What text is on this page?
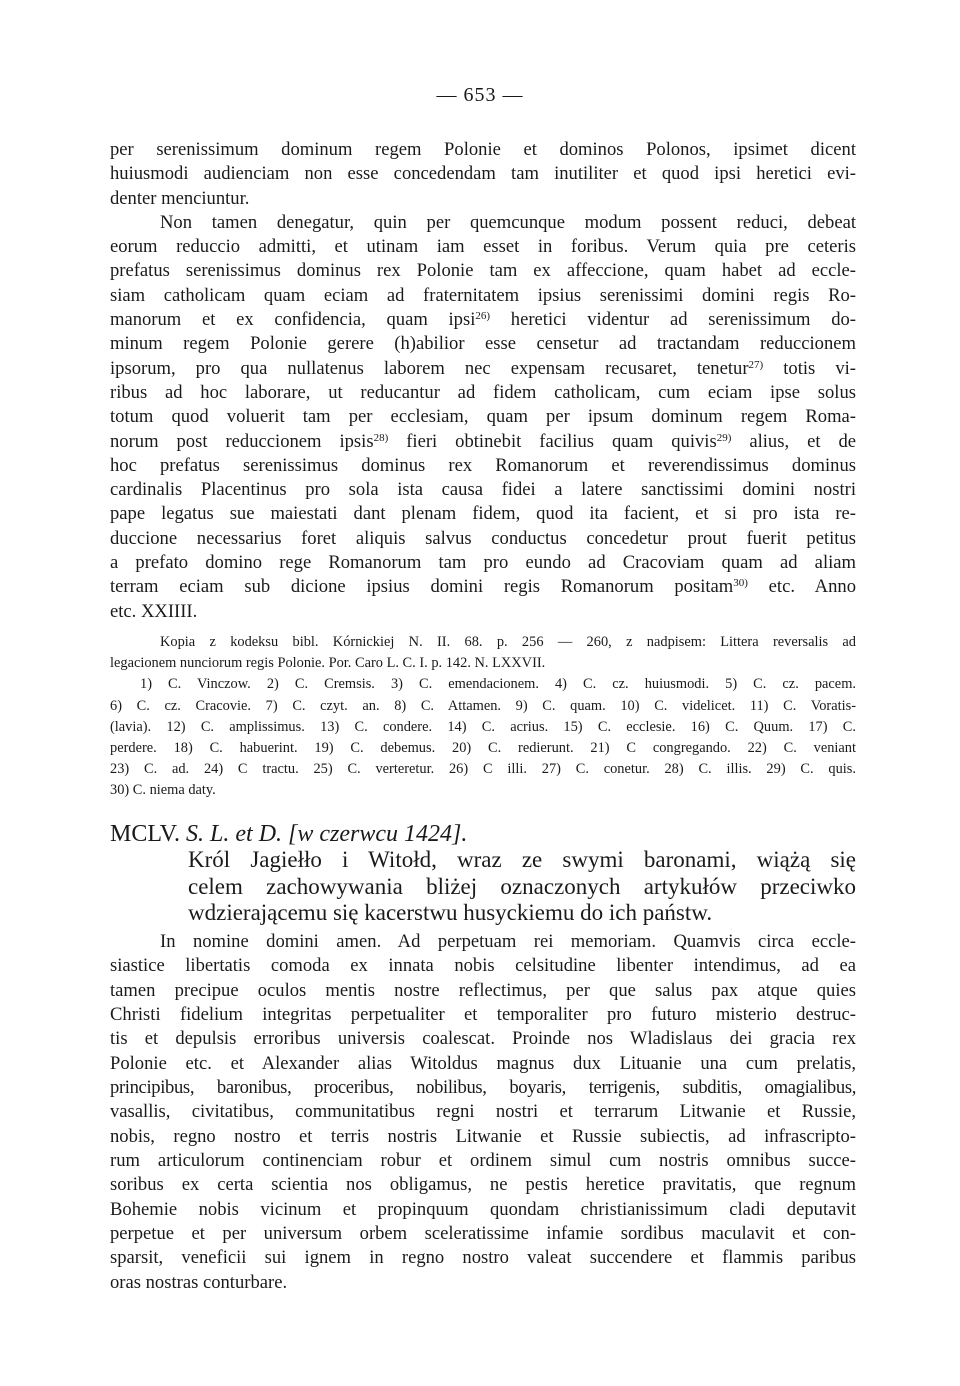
— 653 —
per serenissimum dominum regem Polonie et dominos Polonos, ipsimet dicent
huiusmodi audienciam non esse concedendam tam inutiliter et quod ipsi heretici evi-
denter menciuntur.
Non tamen denegatur, quin per quemcunque modum possent reduci, debeat
eorum reduccio admitti, et utinam iam esset in foribus. Verum quia pre ceteris
prefatus serenissimus dominus rex Polonie tam ex affeccione, quam habet ad eccle-
siam catholicam quam eciam ad fraternitatem ipsius serenissimi domini regis Ro-
manorum et ex confidencia, quam ipsi$^{26)}$ heretici videntur ad serenissimum do-
minum regem Polonie gerere (h)abilior esse censetur ad tractandam reduccionem
ipsorum, pro qua nullatenus laborem nec expensam recusaret, tenetur$^{27)}$ totis vi-
ribus ad hoc laborare, ut reducantur ad fidem catholicam, cum eciam ipse solus
totum quod voluerit tam per ecclesiam, quam per ipsum dominum regem Roma-
norum post reduccionem ipsis$^{28)}$ fieri obtinebit facilius quam quivis$^{29)}$ alius, et de
hoc prefatus serenissimus dominus rex Romanorum et reverendissimus dominus
cardinalis Placentinus pro sola ista causa fidei a latere sanctissimi domini nostri
pape legatus sue maiestati dant plenam fidem, quod ita facient, et si pro ista re-
duccione necessarius foret aliquis salvus conductus concedetur prout fuerit petitus
a prefato domino rege Romanorum tam pro eundo ad Cracoviam quam ad aliam
terram eciam sub dicione ipsius domini regis Romanorum positam$^{30)}$ etc. Anno
etc. XXIIII.
Kopia z kodeksu bibl. Kórnickiej N. II. 68. p. 256 — 260, z nadpisem: Littera reversalis ad
legacionem nunciorum regis Polonie. Por. Caro L. C. I. p. 142. N. LXXVII.
1) C. Vinczow. 2) C. Cremsis. 3) C. emendacionem. 4) C. cz. huiusmodi. 5) C. cz. pacem.
6) C. cz. Cracovie. 7) C. czyt. an. 8) C. Attamen. 9) C. quam. 10) C. videlicet. 11) C. Voratis-
(lavia). 12) C. amplissimus. 13) C. condere. 14) C. acrius. 15) C. ecclesie. 16) C. Quum. 17) C.
perdere. 18) C. habuerint. 19) C. debemus. 20) C. redierunt. 21) C congregando. 22) C. veniant
23) C. ad. 24) C tractu. 25) C. verteretur. 26) C illi. 27) C. conetur. 28) C. illis. 29) C. quis.
30) C. niema daty.
MCLV. S. L. et D. [w czerwcu 1424].
Król Jagiełło i Witołd, wraz ze swymi baronami, wiążą się
celem zachowywania bliżej oznaczonych artykułów przeciwko
wdzierającemu się kacerstwu husyckiemu do ich państw.
In nomine domini amen. Ad perpetuam rei memoriam. Quamvis circa eccle-
siastice libertatis comoda ex innata nobis celsitudine libenter intendimus, ad ea
tamen precipue oculos mentis nostre reflectimus, per que salus pax atque quies
Christi fidelium integritas perpetualiter et temporaliter pro futuro misterio destruc-
tis et depulsis erroribus universis coalescat. Proinde nos Wladislaus dei gracia rex
Polonie etc. et Alexander alias Witoldus magnus dux Lituanie una cum prelatis,
principibus, baronibus, proceribus, nobilibus, boyaris, terrigenis, subditis, omagialibus,
vasallis, civitatibus, communitatibus regni nostri et terrarum Litwanie et Russie,
nobis, regno nostro et terris nostris Litwanie et Russie subiectis, ad infrascripto-
rum articulorum continenciam robur et ordinem simul cum nostris omnibus succe-
soribus ex certa scientia nos obligamus, ne pestis heretice pravitatis, que regnum
Bohemie nobis vicinum et propinquum quondam christianissimum cladi deputavit
perpetue et per universum orbem sceleratissime infamie sordibus maculavit et con-
sparsit, veneficii sui ignem in regno nostro valeat succendere et flammis paribus
oras nostras conturbare.
